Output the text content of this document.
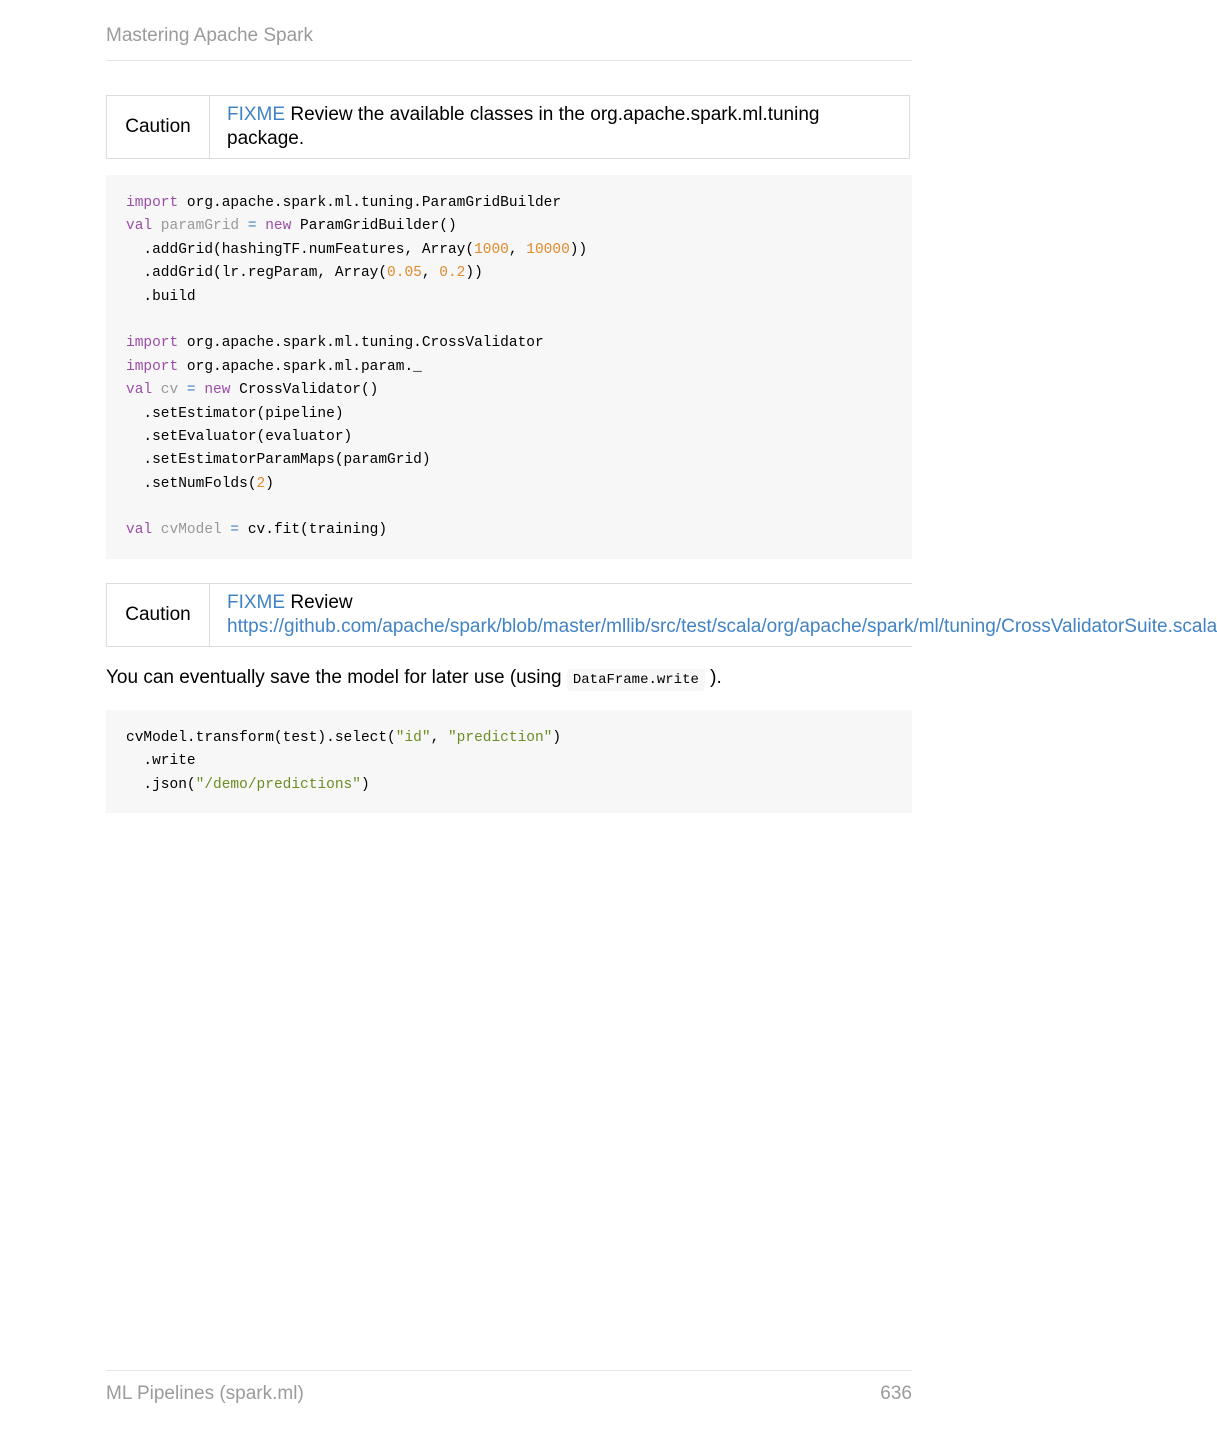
Mastering Apache Spark
Caution
FIXME Review the available classes in the org.apache.spark.ml.tuning package.
import org.apache.spark.ml.tuning.ParamGridBuilder
val paramGrid = new ParamGridBuilder()
.addGrid(hashingTF.numFeatures, Array(1000, 10000))
.addGrid(lr.regParam, Array(0.05, 0.2))
.build
import org.apache.spark.ml.tuning.CrossValidator
import org.apache.spark.ml.param._
val cv = new CrossValidator()
.setEstimator(pipeline)
.setEvaluator(evaluator)
.setEstimatorParamMaps(paramGrid)
.setNumFolds(2)
val cvModel = cv.fit(training)
Caution
FIXME Review
https://github.com/apache/spark/blob/master/mllib/src/test/scala/org/apache/spark/ml/tuning/CrossValidatorSuite.scala
You can eventually save the model for later use (using DataFrame.write ).
cvModel.transform(test).select("id", "prediction")
.write
.json("/demo/predictions")
ML Pipelines (spark.ml)	636
